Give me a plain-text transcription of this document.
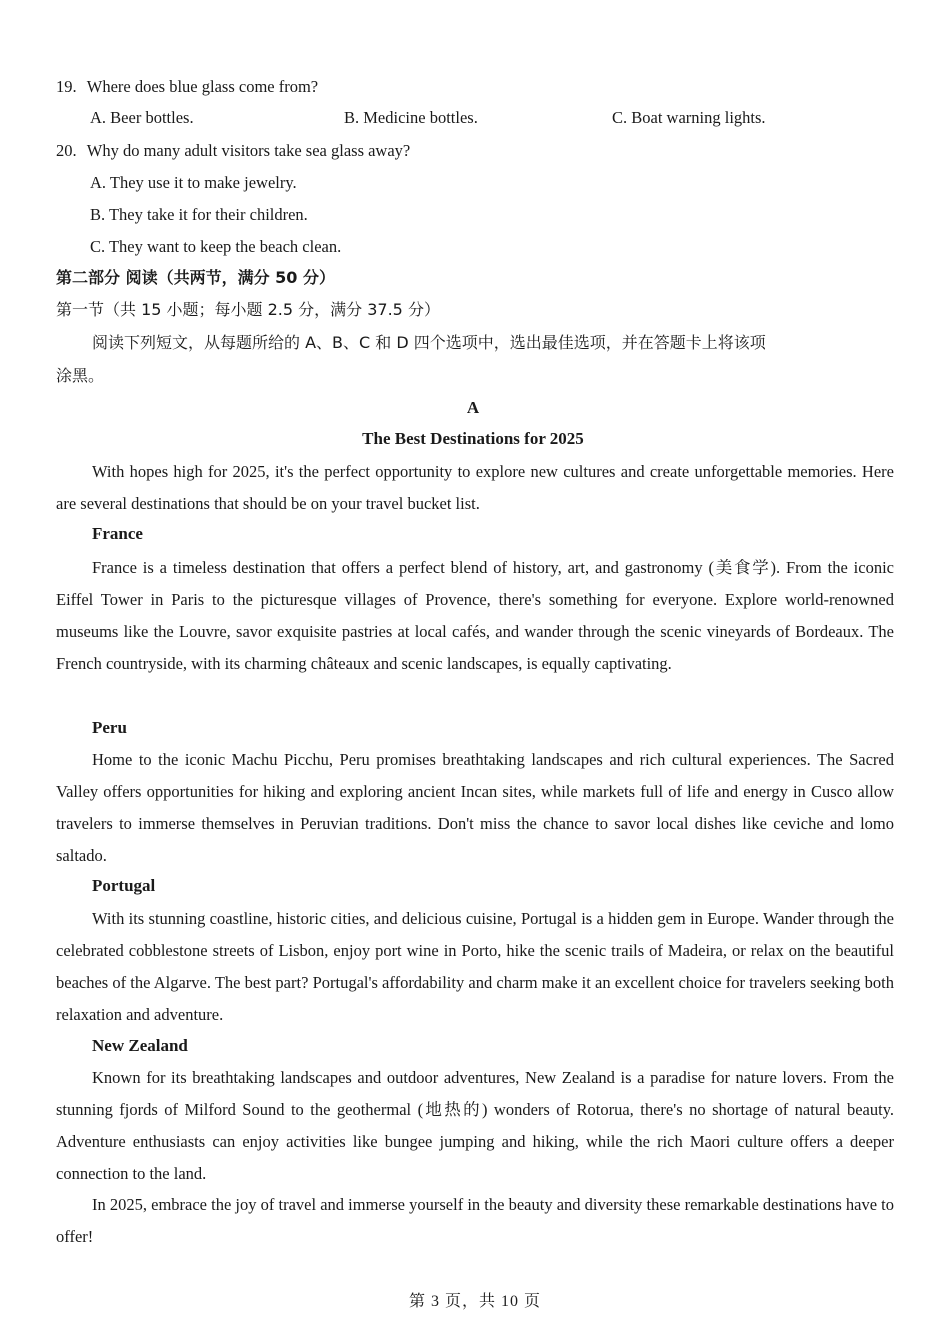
19. Where does blue glass come from?
A. Beer bottles.	B. Medicine bottles.	C. Boat warning lights.
20. Why do many adult visitors take sea glass away?
A. They use it to make jewelry.
B. They take it for their children.
C. They want to keep the beach clean.
第二部分 阅读（共两节，满分 50 分）
第一节（共 15 小题；每小题 2.5 分，满分 37.5 分）
阅读下列短文，从每题所给的 A、B、C 和 D 四个选项中，选出最佳选项，并在答题卡上将该项
涂黑。
A
The Best Destinations for 2025

With hopes high for 2025, it's the perfect opportunity to explore new cultures and create unforgettable memories. Here are several destinations that should be on your travel bucket list.

France

France is a timeless destination that offers a perfect blend of history, art, and gastronomy (美食学). From the iconic Eiffel Tower in Paris to the picturesque villages of Provence, there's something for everyone. Explore world-renowned museums like the Louvre, savor exquisite pastries at local cafés, and wander through the scenic vineyards of Bordeaux. The French countryside, with its charming châteaux and scenic landscapes, is equally captivating.

Peru

Home to the iconic Machu Picchu, Peru promises breathtaking landscapes and rich cultural experiences. The Sacred Valley offers opportunities for hiking and exploring ancient Incan sites, while markets full of life and energy in Cusco allow travelers to immerse themselves in Peruvian traditions. Don't miss the chance to savor local dishes like ceviche and lomo saltado.

Portugal

With its stunning coastline, historic cities, and delicious cuisine, Portugal is a hidden gem in Europe. Wander through the celebrated cobblestone streets of Lisbon, enjoy port wine in Porto, hike the scenic trails of Madeira, or relax on the beautiful beaches of the Algarve. The best part? Portugal's affordability and charm make it an excellent choice for travelers seeking both relaxation and adventure.

New Zealand

Known for its breathtaking landscapes and outdoor adventures, New Zealand is a paradise for nature lovers. From the stunning fjords of Milford Sound to the geothermal (地热的) wonders of Rotorua, there's no shortage of natural beauty. Adventure enthusiasts can enjoy activities like bungee jumping and hiking, while the rich Maori culture offers a deeper connection to the land.

In 2025, embrace the joy of travel and immerse yourself in the beauty and diversity these remarkable destinations have to offer!

第 3 页，共 10 页
